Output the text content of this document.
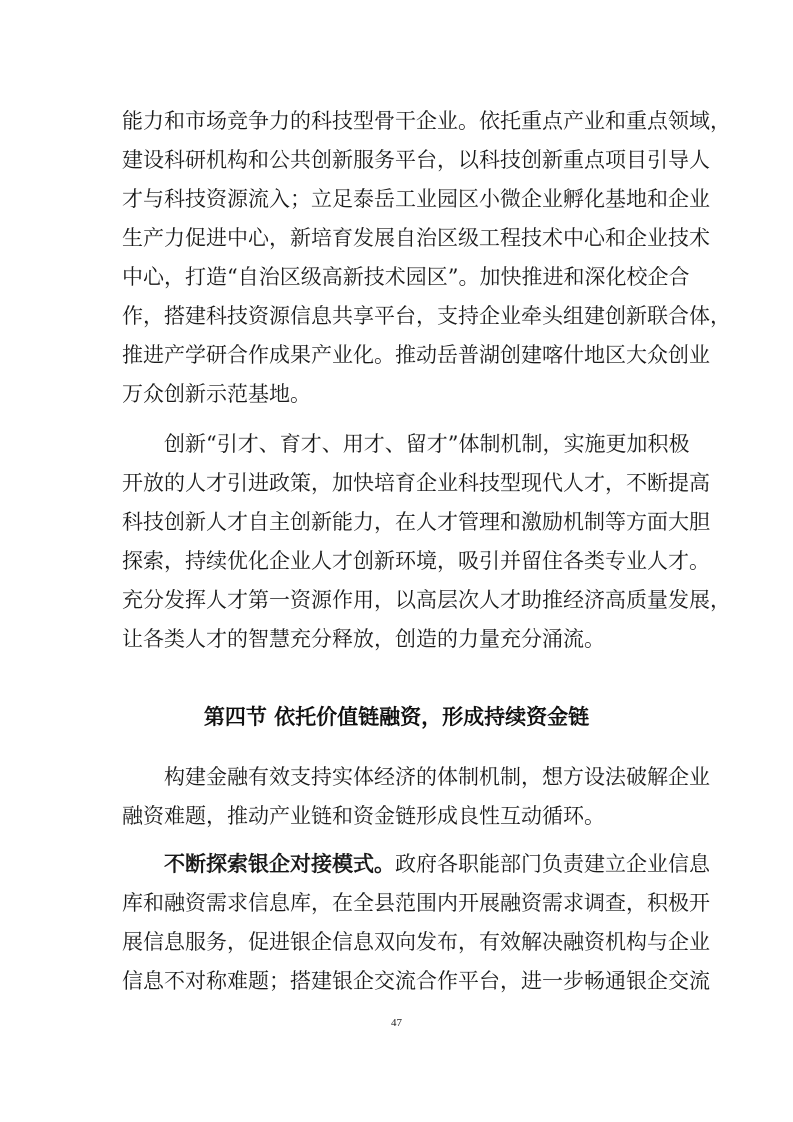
能力和市场竞争力的科技型骨干企业。依托重点产业和重点领域，

建设科研机构和公共创新服务平台，以科技创新重点项目引导人

才与科技资源流入；立足泰岳工业园区小微企业孵化基地和企业

生产力促进中心，新培育发展自治区级工程技术中心和企业技术

中心，打造“自治区级高新技术园区”。加快推进和深化校企合

作，搭建科技资源信息共享平台，支持企业牵头组建创新联合体，

推进产学研合作成果产业化。推动岳普湖创建喀什地区大众创业

万众创新示范基地。

创新“引才、育才、用才、留才”体制机制，实施更加积极

开放的人才引进政策，加快培育企业科技型现代人才，不断提高

科技创新人才自主创新能力，在人才管理和激励机制等方面大胆

探索，持续优化企业人才创新环境，吸引并留住各类专业人才。

充分发挥人才第一资源作用，以高层次人才助推经济高质量发展，

让各类人才的智慧充分释放，创造的力量充分涌流。

第四节 依托价值链融资，形成持续资金链

构建金融有效支持实体经济的体制机制，想方设法破解企业

融资难题，推动产业链和资金链形成良性互动循环。

不断探索银企对接模式。政府各职能部门负责建立企业信息

库和融资需求信息库，在全县范围内开展融资需求调查，积极开

展信息服务，促进银企信息双向发布，有效解决融资机构与企业

信息不对称难题；搭建银企交流合作平台，进一步畅通银企交流

47
